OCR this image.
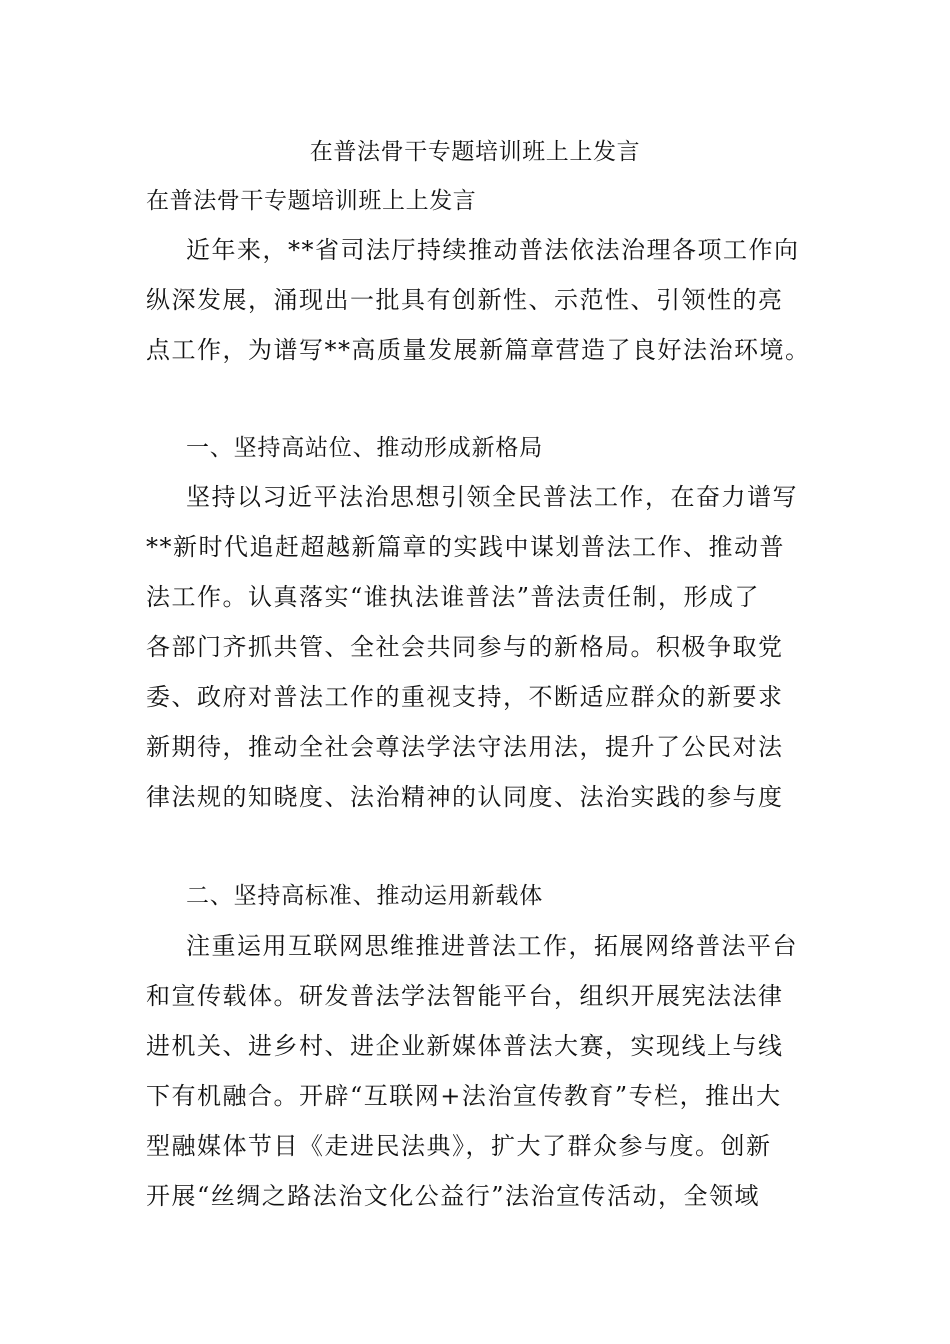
在普法骨干专题培训班上上发言
在普法骨干专题培训班上上发言
近年来，**省司法厅持续推动普法依法治理各项工作向
纵深发展，涌现出一批具有创新性、示范性、引领性的亮
点工作，为谱写**高质量发展新篇章营造了良好法治环境。
一、坚持高站位、推动形成新格局
坚持以习近平法治思想引领全民普法工作，在奋力谱写
**新时代追赶超越新篇章的实践中谋划普法工作、推动普
法工作。认真落实“谁执法谁普法”普法责任制，形成了
各部门齐抓共管、全社会共同参与的新格局。积极争取党
委、政府对普法工作的重视支持，不断适应群众的新要求
新期待，推动全社会尊法学法守法用法，提升了公民对法
律法规的知晓度、法治精神的认同度、法治实践的参与度
二、坚持高标准、推动运用新载体
注重运用互联网思维推进普法工作，拓展网络普法平台
和宣传载体。研发普法学法智能平台，组织开展宪法法律
进机关、进乡村、进企业新媒体普法大赛，实现线上与线
下有机融合。开辟“互联网+法治宣传教育”专栏，推出大
型融媒体节目《走进民法典》，扩大了群众参与度。创新
开展“丝绸之路法治文化公益行”法治宣传活动，全领域
